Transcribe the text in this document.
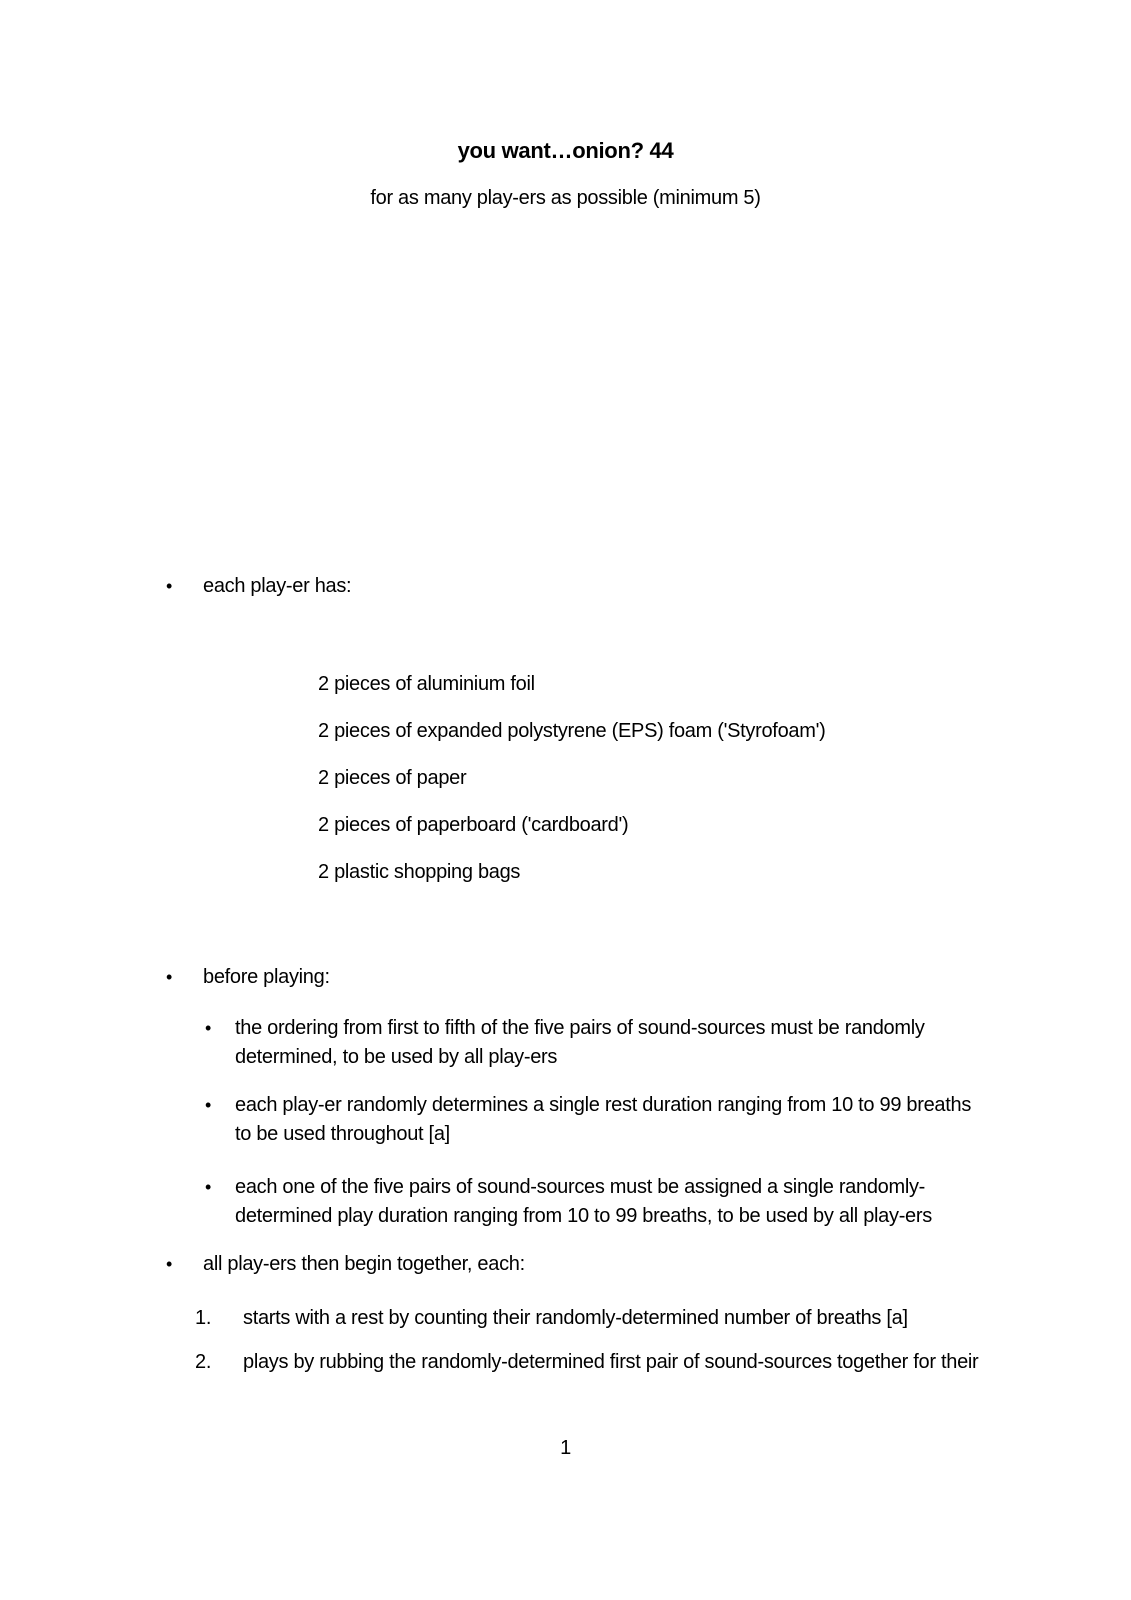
you want…onion? 44
for as many play-ers as possible (minimum 5)
• each play-er has:
2 pieces of aluminium foil
2 pieces of expanded polystyrene (EPS) foam ('Styrofoam')
2 pieces of paper
2 pieces of paperboard ('cardboard')
2 plastic shopping bags
• before playing:
• the ordering from first to fifth of the five pairs of sound-sources must be randomly
determined, to be used by all play-ers
• each play-er randomly determines a single rest duration ranging from 10 to 99 breaths
to be used throughout [a]
• each one of the five pairs of sound-sources must be assigned a single randomly-
determined play duration ranging from 10 to 99 breaths, to be used by all play-ers
• all play-ers then begin together, each:
1. starts with a rest by counting their randomly-determined number of breaths [a]
2. plays by rubbing the randomly-determined first pair of sound-sources together for their
1
